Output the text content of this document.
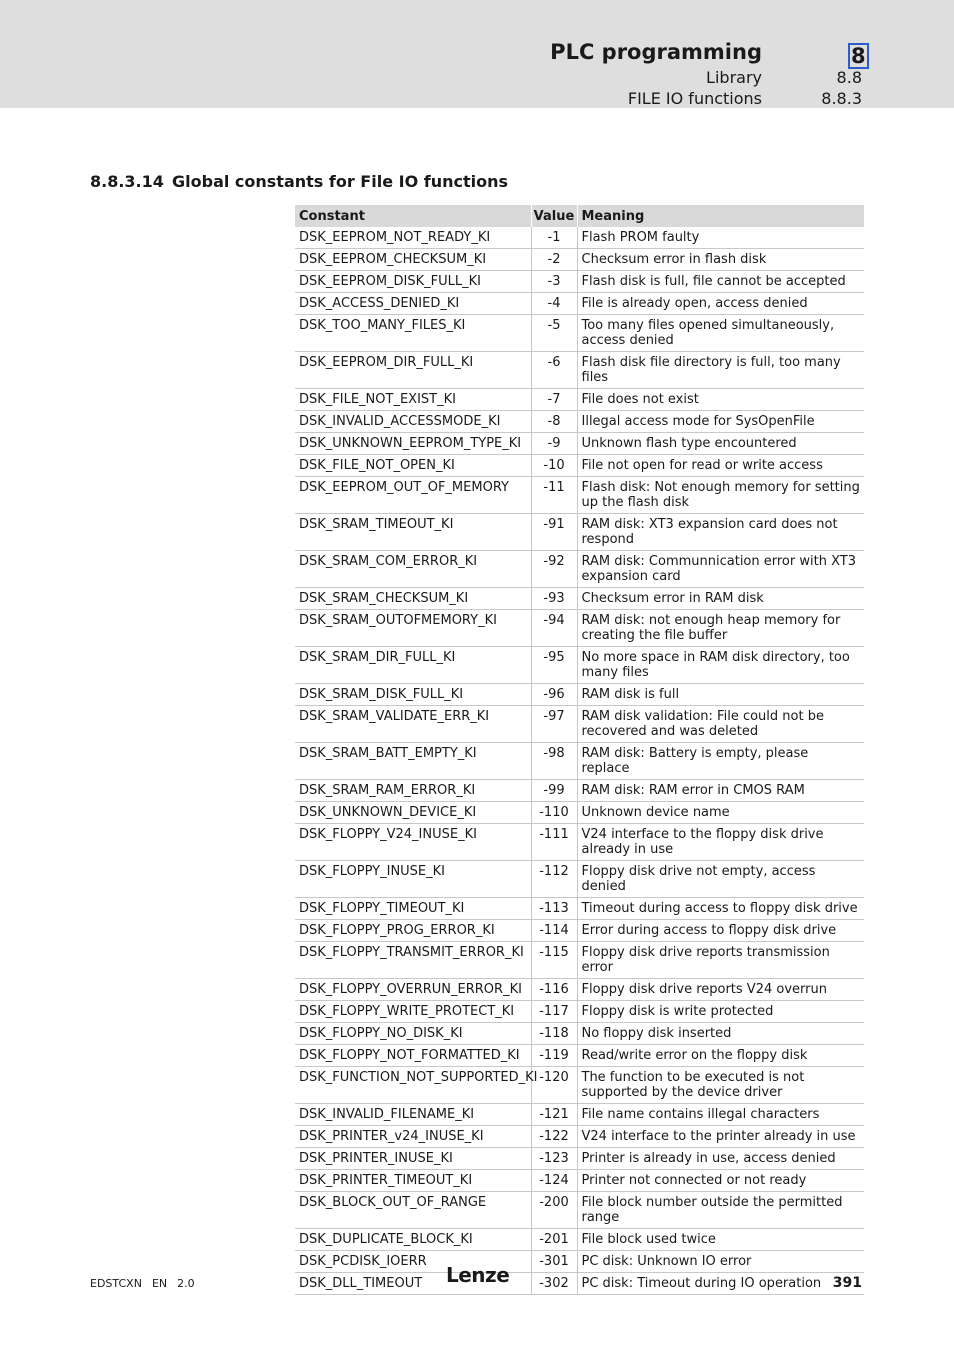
PLC programming	8
Library	8.8
FILE IO functions	8.8.3
8.8.3.14 Global constants for File IO functions
Constant	Value	Meaning
DSK_EEPROM_NOT_READY_KI	-1	Flash PROM faulty
DSK_EEPROM_CHECKSUM_KI	-2	Checksum error in flash disk
DSK_EEPROM_DISK_FULL_KI	-3	Flash disk is full, file cannot be accepted
DSK_ACCESS_DENIED_KI	-4	File is already open, access denied
DSK_TOO_MANY_FILES_KI	-5	Too many files opened simultaneously, access denied
DSK_EEPROM_DIR_FULL_KI	-6	Flash disk file directory is full, too many files
DSK_FILE_NOT_EXIST_KI	-7	File does not exist
DSK_INVALID_ACCESSMODE_KI	-8	Illegal access mode for SysOpenFile
DSK_UNKNOWN_EEPROM_TYPE_KI	-9	Unknown flash type encountered
DSK_FILE_NOT_OPEN_KI	-10	File not open for read or write access
DSK_EEPROM_OUT_OF_MEMORY	-11	Flash disk: Not enough memory for setting up the flash disk
DSK_SRAM_TIMEOUT_KI	-91	RAM disk: XT3 expansion card does not respond
DSK_SRAM_COM_ERROR_KI	-92	RAM disk: Communnication error with XT3 expansion card
DSK_SRAM_CHECKSUM_KI	-93	Checksum error in RAM disk
DSK_SRAM_OUTOFMEMORY_KI	-94	RAM disk: not enough heap memory for creating the file buffer
DSK_SRAM_DIR_FULL_KI	-95	No more space in RAM disk directory, too many files
DSK_SRAM_DISK_FULL_KI	-96	RAM disk is full
DSK_SRAM_VALIDATE_ERR_KI	-97	RAM disk validation: File could not be recovered and was deleted
DSK_SRAM_BATT_EMPTY_KI	-98	RAM disk: Battery is empty, please replace
DSK_SRAM_RAM_ERROR_KI	-99	RAM disk: RAM error in CMOS RAM
DSK_UNKNOWN_DEVICE_KI	-110	Unknown device name
DSK_FLOPPY_V24_INUSE_KI	-111	V24 interface to the floppy disk drive already in use
DSK_FLOPPY_INUSE_KI	-112	Floppy disk drive not empty, access denied
DSK_FLOPPY_TIMEOUT_KI	-113	Timeout during access to floppy disk drive
DSK_FLOPPY_PROG_ERROR_KI	-114	Error during access to floppy disk drive
DSK_FLOPPY_TRANSMIT_ERROR_KI	-115	Floppy disk drive reports transmission error
DSK_FLOPPY_OVERRUN_ERROR_KI	-116	Floppy disk drive reports V24 overrun
DSK_FLOPPY_WRITE_PROTECT_KI	-117	Floppy disk is write protected
DSK_FLOPPY_NO_DISK_KI	-118	No floppy disk inserted
DSK_FLOPPY_NOT_FORMATTED_KI	-119	Read/write error on the floppy disk
DSK_FUNCTION_NOT_SUPPORTED_KI	-120	The function to be executed is not supported by the device driver
DSK_INVALID_FILENAME_KI	-121	File name contains illegal characters
DSK_PRINTER_v24_INUSE_KI	-122	V24 interface to the printer already in use
DSK_PRINTER_INUSE_KI	-123	Printer is already in use, access denied
DSK_PRINTER_TIMEOUT_KI	-124	Printer not connected or not ready
DSK_BLOCK_OUT_OF_RANGE	-200	File block number outside the permitted range
DSK_DUPLICATE_BLOCK_KI	-201	File block used twice
DSK_PCDISK_IOERR	-301	PC disk: Unknown IO error
DSK_DLL_TIMEOUT	-302	PC disk: Timeout during IO operation
EDSTCXN EN 2.0	Lenze	391
